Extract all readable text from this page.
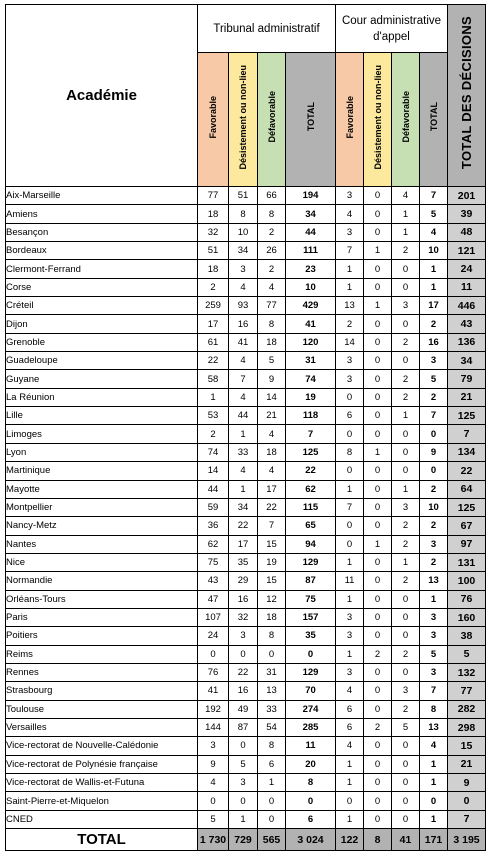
Académie	Tribunal administratif				Cour administrative d'appel				TOTAL DES DÉCISIONS
	Favorable	Désistement ou non-lieu	Défavorable	TOTAL	Favorable	Désistement ou non-lieu	Défavorable	TOTAL	
Aix-Marseille	77	51	66	194	3	0	4	7	201
Amiens	18	8	8	34	4	0	1	5	39
Besançon	32	10	2	44	3	0	1	4	48
Bordeaux	51	34	26	111	7	1	2	10	121
Clermont-Ferrand	18	3	2	23	1	0	0	1	24
Corse	2	4	4	10	1	0	0	1	11
Créteil	259	93	77	429	13	1	3	17	446
Dijon	17	16	8	41	2	0	0	2	43
Grenoble	61	41	18	120	14	0	2	16	136
Guadeloupe	22	4	5	31	3	0	0	3	34
Guyane	58	7	9	74	3	0	2	5	79
La Réunion	1	4	14	19	0	0	2	2	21
Lille	53	44	21	118	6	0	1	7	125
Limoges	2	1	4	7	0	0	0	0	7
Lyon	74	33	18	125	8	1	0	9	134
Martinique	14	4	4	22	0	0	0	0	22
Mayotte	44	1	17	62	1	0	1	2	64
Montpellier	59	34	22	115	7	0	3	10	125
Nancy-Metz	36	22	7	65	0	0	2	2	67
Nantes	62	17	15	94	0	1	2	3	97
Nice	75	35	19	129	1	0	1	2	131
Normandie	43	29	15	87	11	0	2	13	100
Orléans-Tours	47	16	12	75	1	0	0	1	76
Paris	107	32	18	157	3	0	0	3	160
Poitiers	24	3	8	35	3	0	0	3	38
Reims	0	0	0	0	1	2	2	5	5
Rennes	76	22	31	129	3	0	0	3	132
Strasbourg	41	16	13	70	4	0	3	7	77
Toulouse	192	49	33	274	6	0	2	8	282
Versailles	144	87	54	285	6	2	5	13	298
Vice-rectorat de Nouvelle-Calédonie	3	0	8	11	4	0	0	4	15
Vice-rectorat de Polynésie française	9	5	6	20	1	0	0	1	21
Vice-rectorat de Wallis-et-Futuna	4	3	1	8	1	0	0	1	9
Saint-Pierre-et-Miquelon	0	0	0	0	0	0	0	0	0
CNED	5	1	0	6	1	0	0	1	7
TOTAL	1 730	729	565	3 024	122	8	41	171	3 195
